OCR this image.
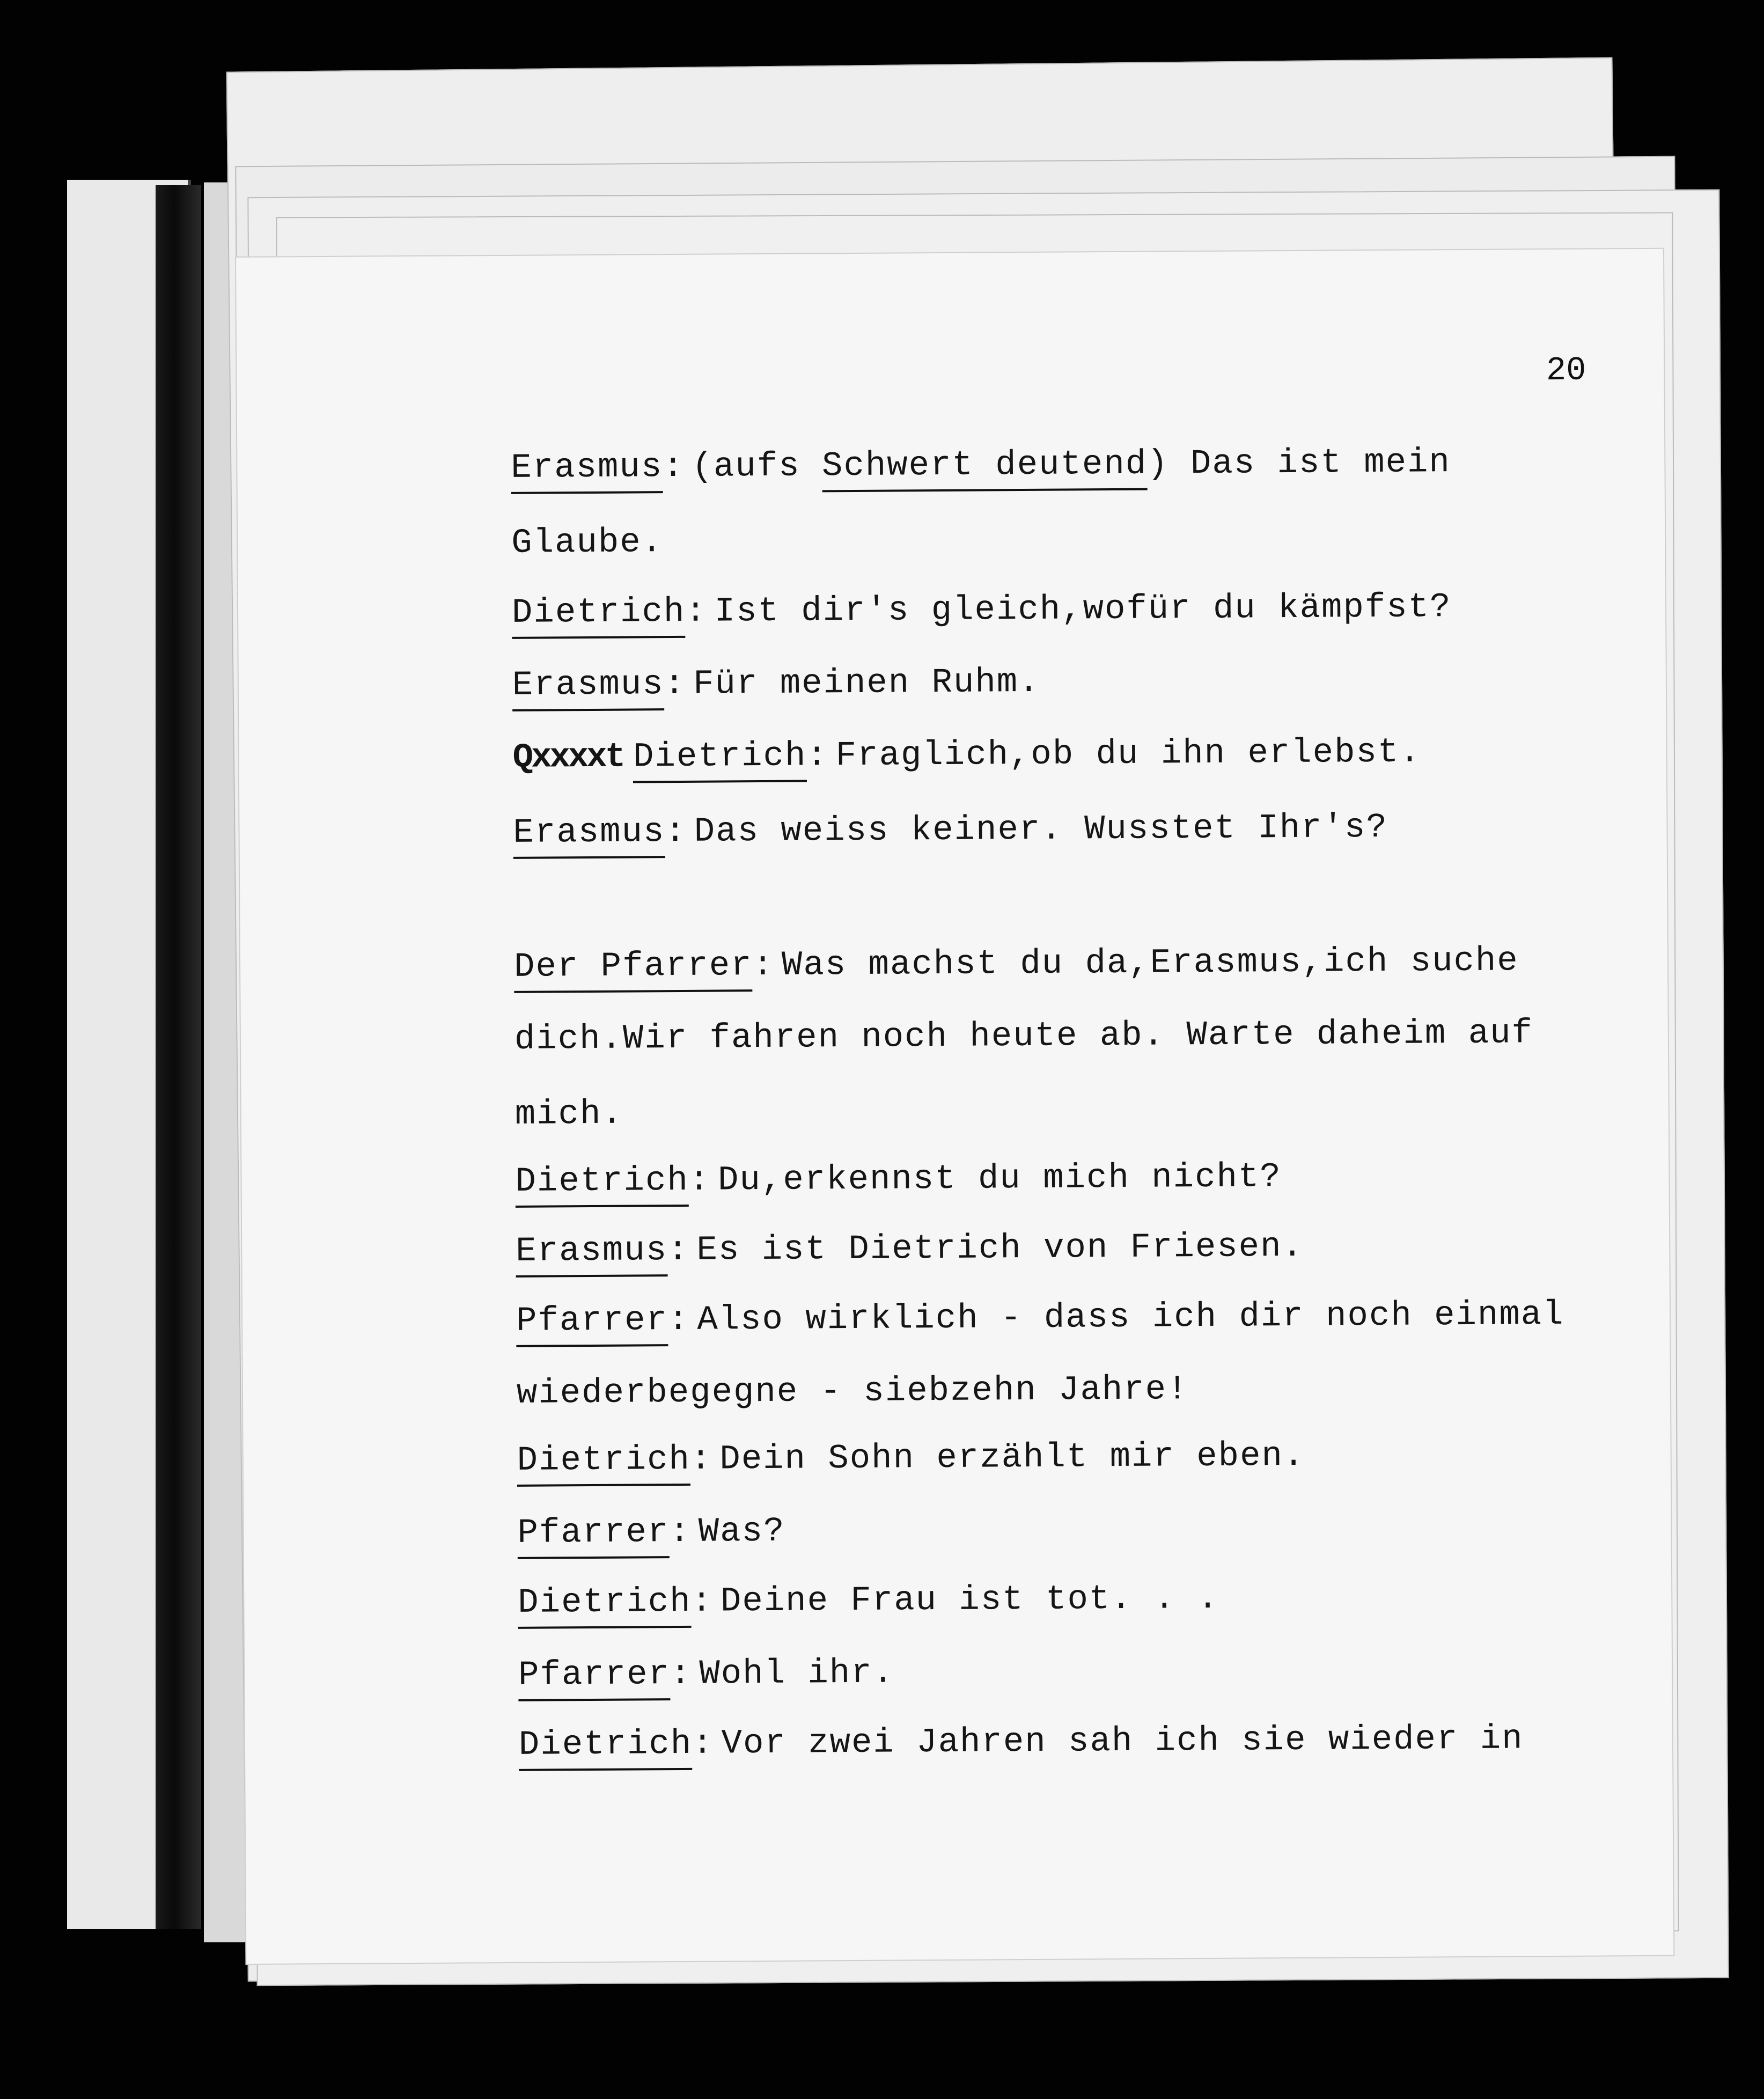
20
Erasmus: (aufs Schwert deutend) Das ist mein
Glaube.
Dietrich: Ist dir's gleich,wofür du kämpfst?
Erasmus: Für meinen Ruhm.
Qxxxxt Dietrich: Fraglich,ob du ihn erlebst.
Erasmus: Das weiss keiner. Wusstet Ihr's?
Der Pfarrer: Was machst du da,Erasmus,ich suche
dich.Wir fahren noch heute ab. Warte daheim auf
mich.
Dietrich: Du,erkennst du mich nicht?
Erasmus: Es ist Dietrich von Friesen.
Pfarrer: Also wirklich - dass ich dir noch einmal
wiederbegegne - siebzehn Jahre!
Dietrich: Dein Sohn erzählt mir eben.
Pfarrer: Was?
Dietrich: Deine Frau ist tot. . .
Pfarrer: Wohl ihr.
Dietrich: Vor zwei Jahren sah ich sie wieder in
